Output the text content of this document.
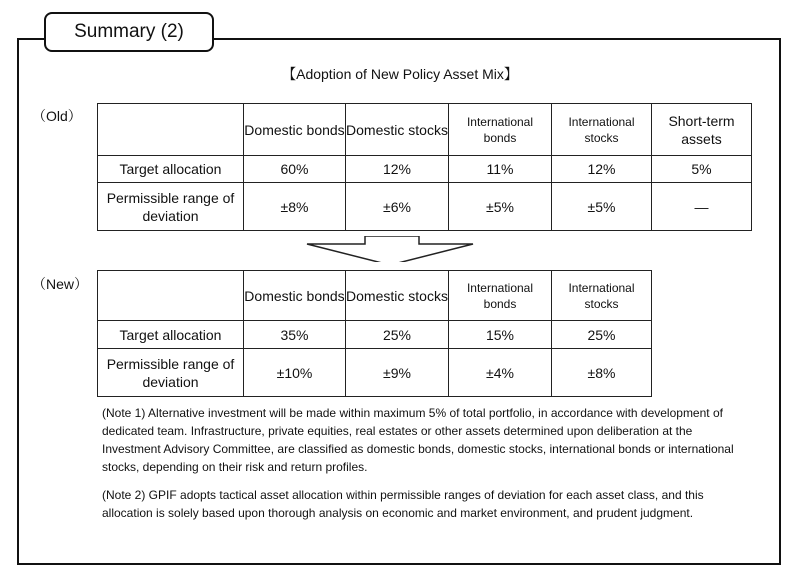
Summary (2)
【Adoption of New Policy Asset Mix】
（Old）
	Domestic bonds	Domestic stocks	International bonds	International stocks	Short-term assets
Target allocation	60%	12%	11%	12%	5%
Permissible range of deviation	±8%	±6%	±5%	±5%	—
（New）
	Domestic bonds	Domestic stocks	International bonds	International stocks
Target allocation	35%	25%	15%	25%
Permissible range of deviation	±10%	±9%	±4%	±8%

(Note 1) Alternative investment will be made within maximum 5% of total portfolio, in accordance with development of dedicated team. Infrastructure, private equities, real estates or other assets determined upon deliberation at the Investment Advisory Committee, are classified as domestic bonds, domestic stocks, international bonds or international stocks, depending on their risk and return profiles.

(Note 2) GPIF adopts tactical asset allocation within permissible ranges of deviation for each asset class, and this allocation is solely based upon thorough analysis on economic and market environment, and prudent judgment.
